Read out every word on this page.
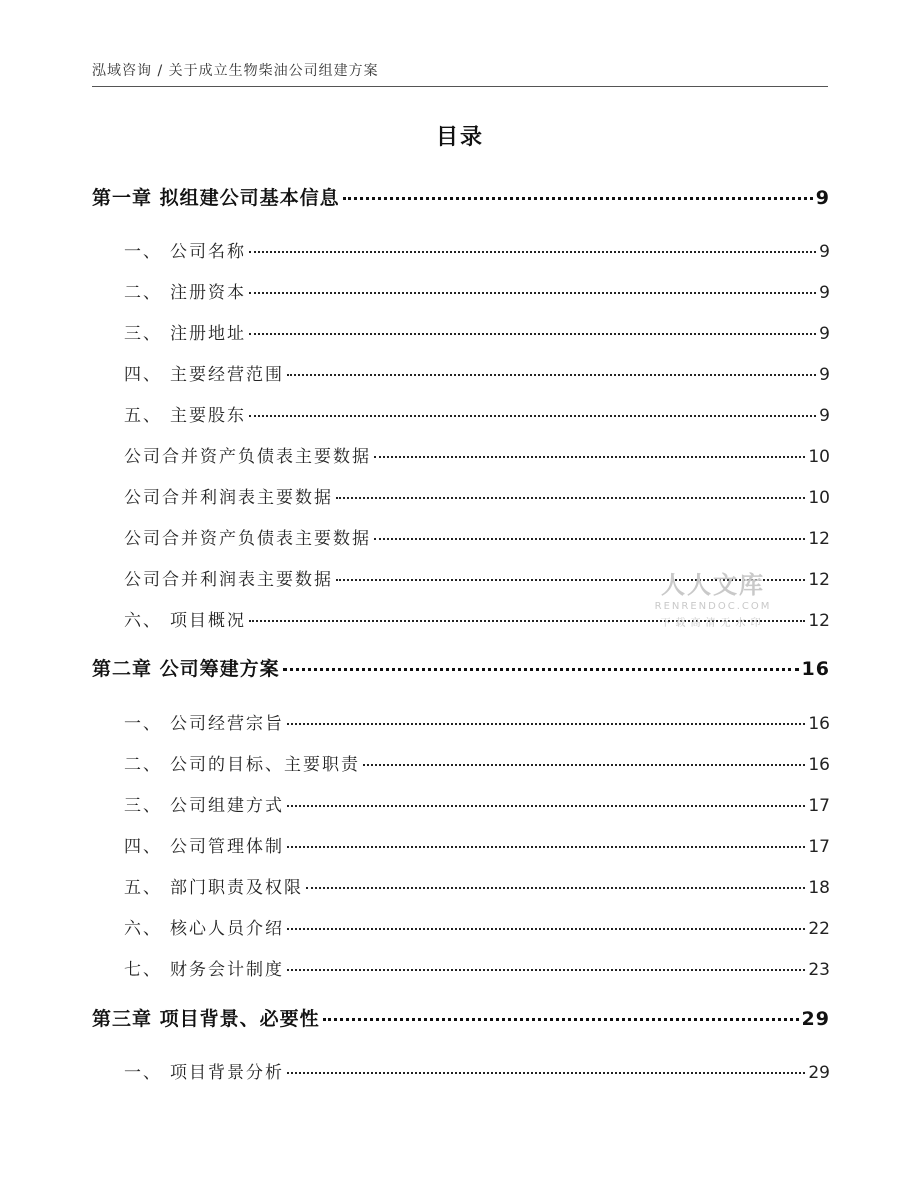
泓域咨询 / 关于成立生物柴油公司组建方案
目录
第一章 拟组建公司基本信息	9
一、 公司名称	9
二、 注册资本	9
三、 注册地址	9
四、 主要经营范围	9
五、 主要股东	9
公司合并资产负债表主要数据	10
公司合并利润表主要数据	10
公司合并资产负债表主要数据	12
公司合并利润表主要数据	12
六、 项目概况	12
第二章 公司筹建方案	16
一、 公司经营宗旨	16
二、 公司的目标、主要职责	16
三、 公司组建方式	17
四、 公司管理体制	17
五、 部门职责及权限	18
六、 核心人员介绍	22
七、 财务会计制度	23
第三章 项目背景、必要性	29
一、 项目背景分析	29
人人文库
RENRENDOC.COM
下载高清无水印
